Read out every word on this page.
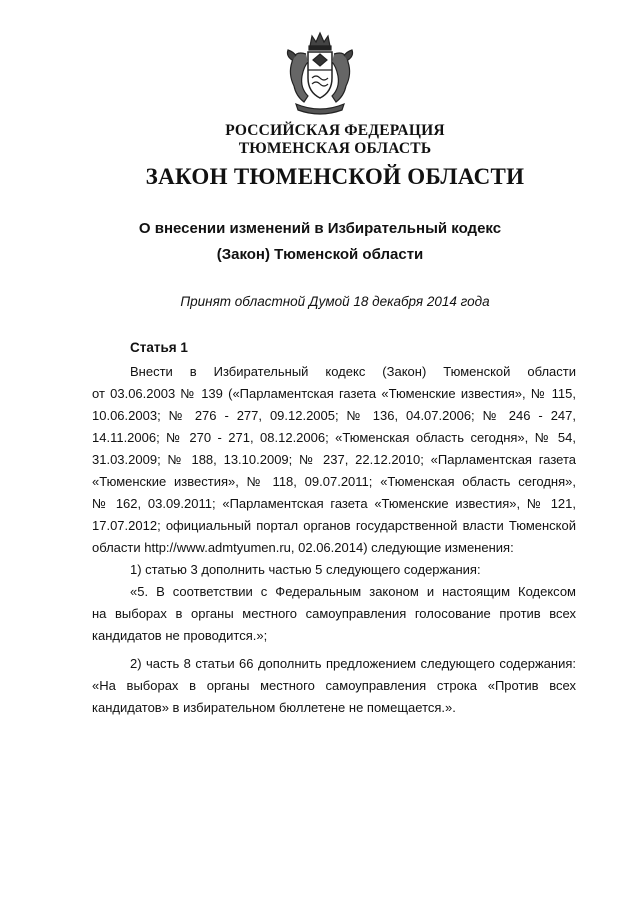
РОССИЙСКАЯ ФЕДЕРАЦИЯ
ТЮМЕНСКАЯ ОБЛАСТЬ
ЗАКОН ТЮМЕНСКОЙ ОБЛАСТИ
О внесении изменений в Избирательный кодекс
(Закон) Тюменской области
Принят областной Думой 18 декабря 2014 года
Статья 1
Внести в Избирательный кодекс (Закон) Тюменской области
от 03.06.2003 № 139 («Парламентская газета «Тюменские известия», № 115,
10.06.2003; № 276 - 277, 09.12.2005; № 136, 04.07.2006; № 246 - 247,
14.11.2006; № 270 - 271, 08.12.2006; «Тюменская область сегодня», № 54,
31.03.2009; № 188, 13.10.2009; № 237, 22.12.2010; «Парламентская газета
«Тюменские известия», № 118, 09.07.2011; «Тюменская область сегодня»,
№ 162, 03.09.2011; «Парламентская газета «Тюменские известия», № 121,
17.07.2012; официальный портал органов государственной власти Тюменской
области http://www.admtyumen.ru, 02.06.2014) следующие изменения:
1) статью 3 дополнить частью 5 следующего содержания:
«5. В соответствии с Федеральным законом и настоящим Кодексом
на выборах в органы местного самоуправления голосование против всех
кандидатов не проводится.»;
2) часть 8 статьи 66 дополнить предложением следующего содержания:
«На выборах в органы местного самоуправления строка «Против всех
кандидатов» в избирательном бюллетене не помещается.».
